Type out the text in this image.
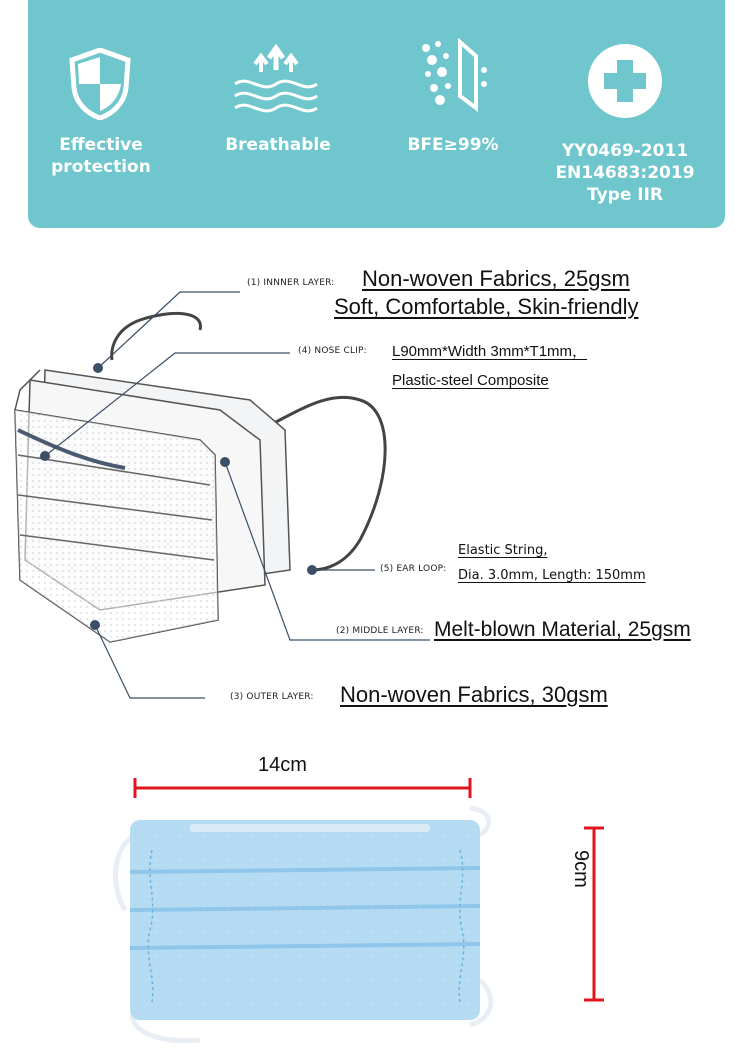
Effective
protection
Breathable	BFE≥99%	YY0469-2011
EN14683:2019
Type IIR
(1) INNNER LAYER: Non-woven Fabrics, 25gsm
Soft, Comfortable, Skin-friendly
(4) NOSE CLIP: L90mm*Width 3mm*T1mm，
Plastic-steel Composite
(5) EAR LOOP:
Elastic String,
Dia. 3.0mm, Length: 150mm
(2) MIDDLE LAYER: Melt-blown Material, 25gsm
(3) OUTER LAYER: Non-woven Fabrics, 30gsm
14cm
9cm
